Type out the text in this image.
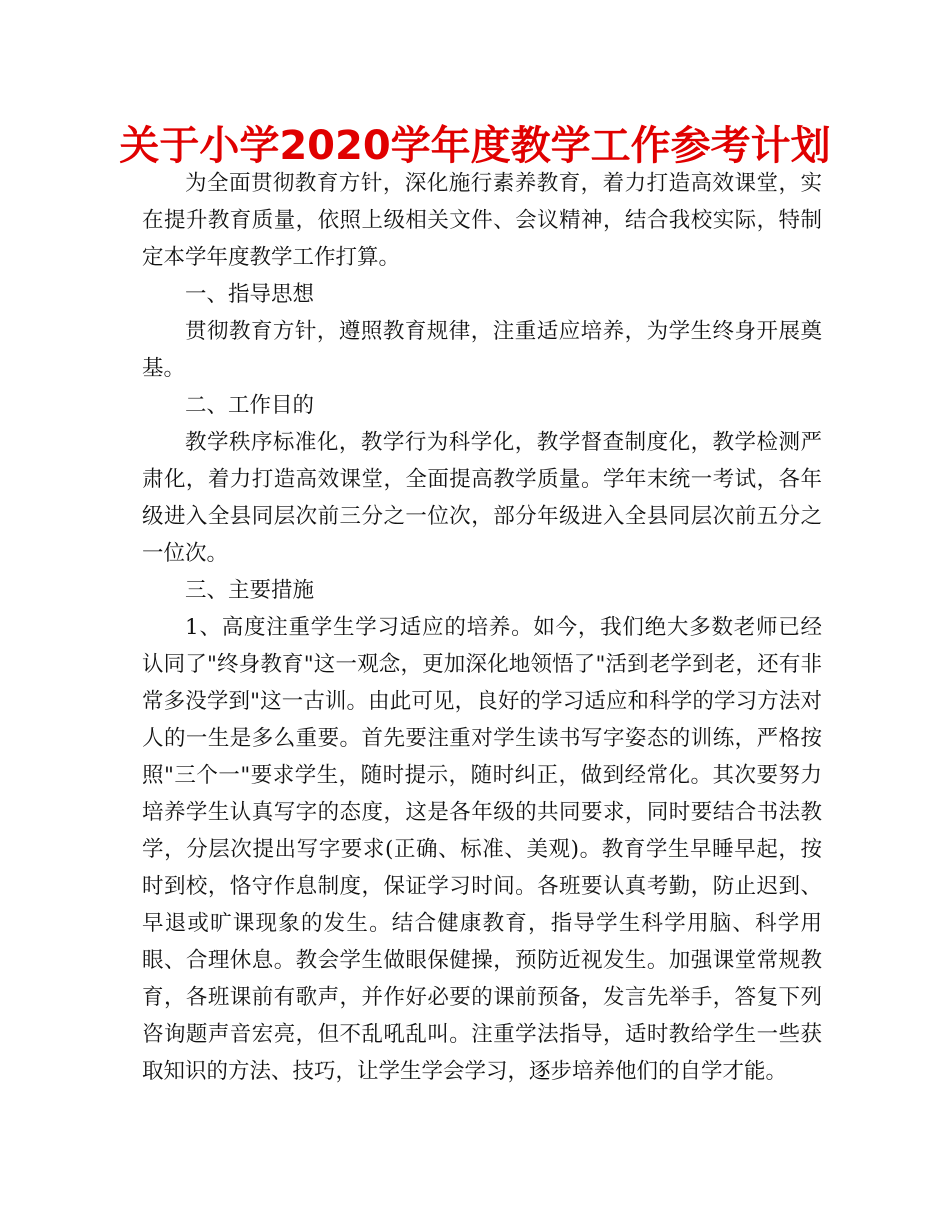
关于小学2020学年度教学工作参考计划

为全面贯彻教育方针，深化施行素养教育，着力打造高效课堂，实在提升教育质量，依照上级相关文件、会议精神，结合我校实际，特制定本学年度教学工作打算。

一、指导思想

贯彻教育方针，遵照教育规律，注重适应培养，为学生终身开展奠基。

二、工作目的

教学秩序标准化，教学行为科学化，教学督查制度化，教学检测严肃化，着力打造高效课堂，全面提高教学质量。学年末统一考试，各年级进入全县同层次前三分之一位次，部分年级进入全县同层次前五分之一位次。

三、主要措施

1、高度注重学生学习适应的培养。如今，我们绝大多数老师已经认同了"终身教育"这一观念，更加深化地领悟了"活到老学到老，还有非常多没学到"这一古训。由此可见，良好的学习适应和科学的学习方法对人的一生是多么重要。首先要注重对学生读书写字姿态的训练，严格按照"三个一"要求学生，随时提示，随时纠正，做到经常化。其次要努力培养学生认真写字的态度，这是各年级的共同要求，同时要结合书法教学，分层次提出写字要求(正确、标准、美观)。教育学生早睡早起，按时到校，恪守作息制度，保证学习时间。各班要认真考勤，防止迟到、早退或旷课现象的发生。结合健康教育，指导学生科学用脑、科学用眼、合理休息。教会学生做眼保健操，预防近视发生。加强课堂常规教育，各班课前有歌声，并作好必要的课前预备，发言先举手，答复下列咨询题声音宏亮，但不乱吼乱叫。注重学法指导，适时教给学生一些获取知识的方法、技巧，让学生学会学习，逐步培养他们的自学才能。
